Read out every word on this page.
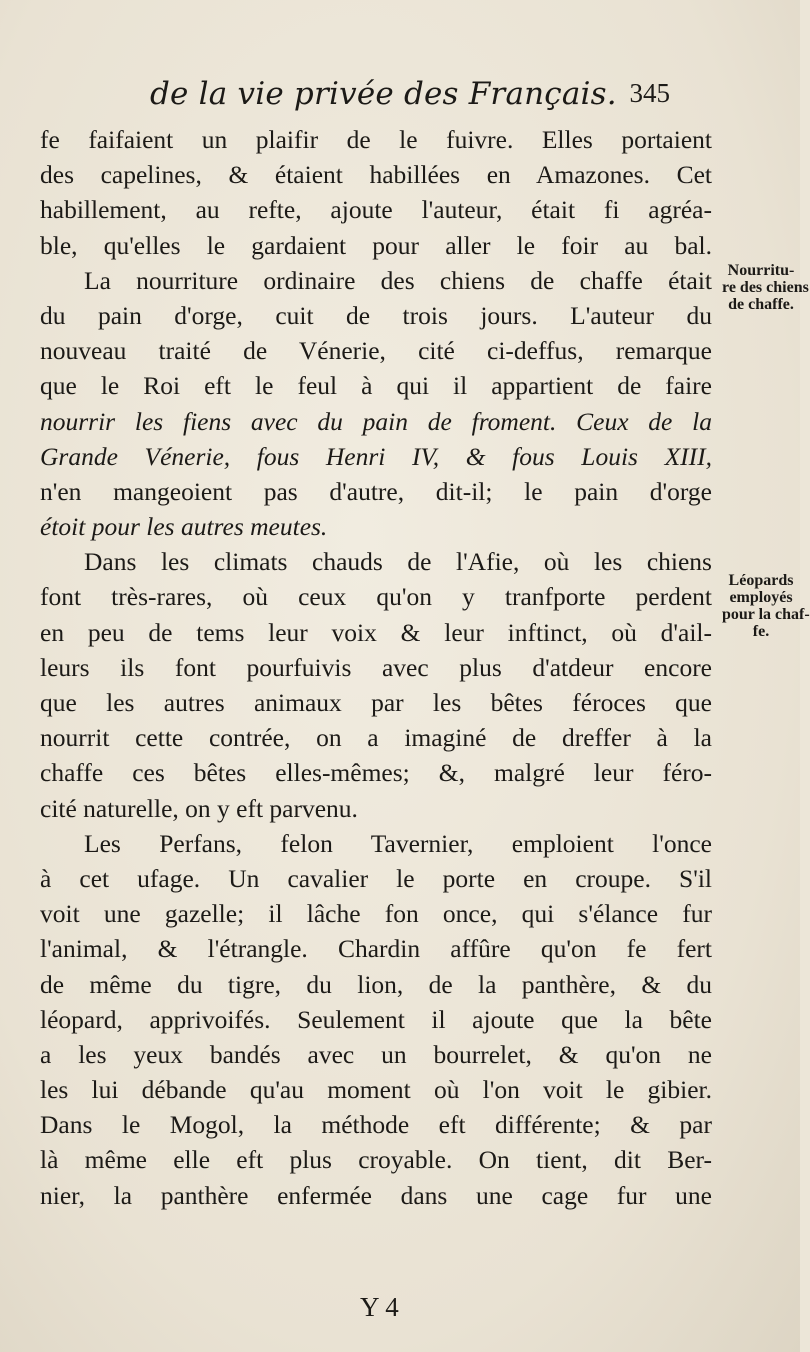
de la vie privée des Français. 345
fe faifaient un plaifir de le fuivre. Elles portaient
des capelines, & étaient habillées en Amazones. Cet
habillement, au refte, ajoute l'auteur, était fi agréa-
ble, qu'elles le gardaient pour aller le foir au bal.
La nourriture ordinaire des chiens de chaffe était
du pain d'orge, cuit de trois jours. L'auteur du
nouveau traité de Vénerie, cité ci-deffus, remarque
que le Roi eft le feul à qui il appartient de faire
nourrir les fiens avec du pain de froment. Ceux de la
Grande Vénerie, fous Henri IV, & fous Louis XIII,
n'en mangeoient pas d'autre, dit-il; le pain d'orge
étoit pour les autres meutes.
Dans les climats chauds de l'Afie, où les chiens
font très-rares, où ceux qu'on y tranfporte perdent
en peu de tems leur voix & leur inftinct, où d'ail-
leurs ils font pourfuivis avec plus d'atdeur encore
que les autres animaux par les bêtes féroces que
nourrit cette contrée, on a imaginé de dreffer à la
chaffe ces bêtes elles-mêmes; &, malgré leur féro-
cité naturelle, on y eft parvenu.
Les Perfans, felon Tavernier, emploient l'once
à cet ufage. Un cavalier le porte en croupe. S'il
voit une gazelle; il lâche fon once, qui s'élance fur
l'animal, & l'étrangle. Chardin affûre qu'on fe fert
de même du tigre, du lion, de la panthère, & du
léopard, apprivoifés. Seulement il ajoute que la bête
a les yeux bandés avec un bourrelet, & qu'on ne
les lui débande qu'au moment où l'on voit le gibier.
Dans le Mogol, la méthode eft différente; & par
là même elle eft plus croyable. On tient, dit Ber-
nier, la panthère enfermée dans une cage fur une
Y 4
Nourritu-
re des chiens
de chaffe.
Léopards
employés
pour la chaf-
fe.
